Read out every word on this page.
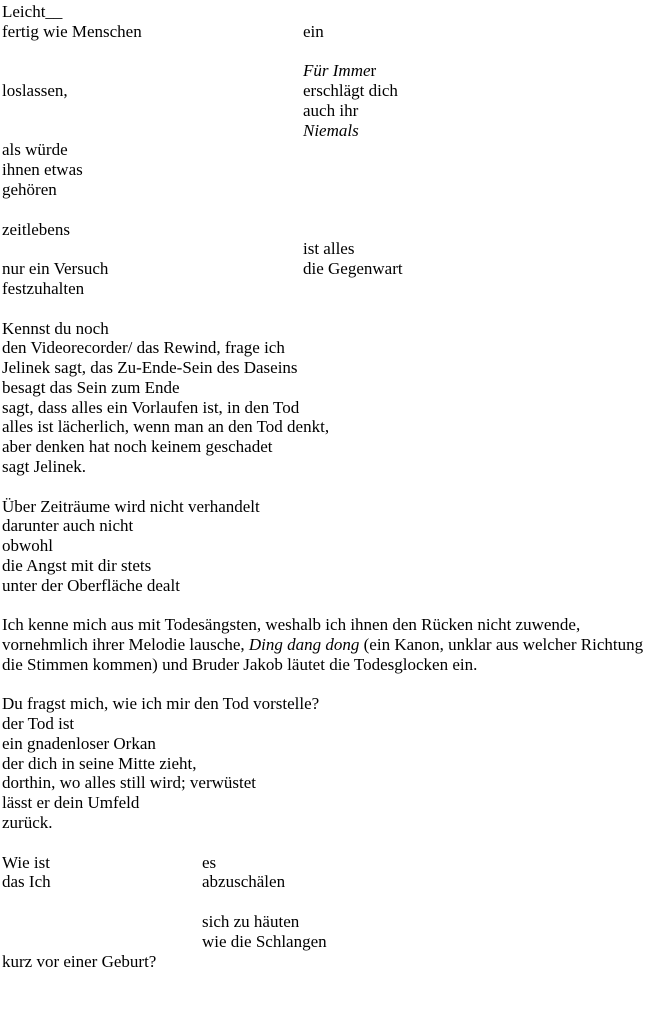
Leicht__
fertig wie Menschen	ein
Für Immer
loslassen,	erschlägt dich
auch ihr
Niemals
als würde
ihnen etwas
gehören
zeitlebens
ist alles
nur ein Versuch	die Gegenwart
festzuhalten
Kennst du noch
den Videorecorder/ das Rewind, frage ich
Jelinek sagt, das Zu-Ende-Sein des Daseins
besagt das Sein zum Ende
sagt, dass alles ein Vorlaufen ist, in den Tod
alles ist lächerlich, wenn man an den Tod denkt,
aber denken hat noch keinem geschadet
sagt Jelinek.
Über Zeiträume wird nicht verhandelt
darunter auch nicht
obwohl
die Angst mit dir stets
unter der Oberfläche dealt
Ich kenne mich aus mit Todesängsten, weshalb ich ihnen den Rücken nicht zuwende,
vornehmlich ihrer Melodie lausche, Ding dang dong (ein Kanon, unklar aus welcher Richtung
die Stimmen kommen) und Bruder Jakob läutet die Todesglocken ein.
Du fragst mich, wie ich mir den Tod vorstelle?
der Tod ist
ein gnadenloser Orkan
der dich in seine Mitte zieht,
dorthin, wo alles still wird; verwüstet
lässt er dein Umfeld
zurück.
Wie ist	es
das Ich	abzuschälen
sich zu häuten
wie die Schlangen
kurz vor einer Geburt?
